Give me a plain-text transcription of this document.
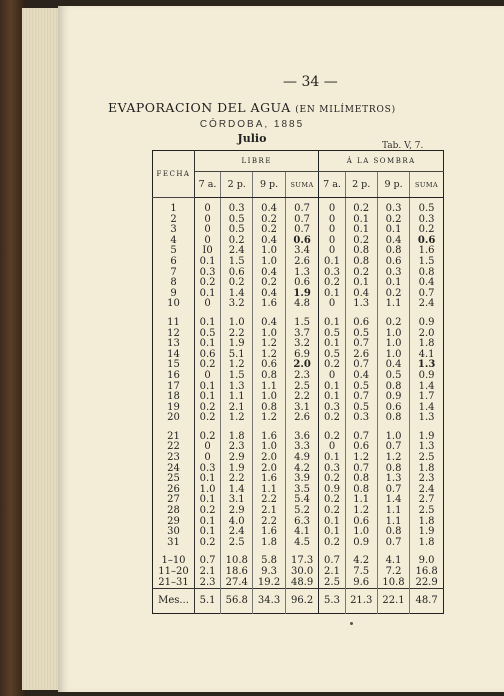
— 34 —
EVAPORACION DEL AGUA (EN MILÍMETROS)
CÓRDOBA, 1885
Julio
Tab. V, 7.
FECHA	LIBRE				Á LA SOMBRA			
	7 a.	2 p.	9 p.	SUMA	7 a.	2 p.	9 p.	SUMA

1	0	0.3	0.4	0.7	0	0.2	0.3	0.5
2	0	0.5	0.2	0.7	0	0.1	0.2	0.3
3	0	0.5	0.2	0.7	0	0.1	0.1	0.2
4	0	0.2	0.4	0.6	0	0.2	0.4	0.6
5	I0	2.4	1.0	3.4	0	0.8	0.8	1.6
6	0.1	1.5	1.0	2.6	0.1	0.8	0.6	1.5
7	0.3	0.6	0.4	1.3	0.3	0.2	0.3	0.8
8	0.2	0.2	0.2	0.6	0.2	0.1	0.1	0.4
9	0.1	1.4	0.4	1.9	0.1	0.4	0.2	0.7
10	0	3.2	1.6	4.8	0	1.3	1.1	2.4

11	0.1	1.0	0.4	1.5	0.1	0.6	0.2	0.9
12	0.5	2.2	1.0	3.7	0.5	0.5	1.0	2.0
13	0.1	1.9	1.2	3.2	0.1	0.7	1.0	1.8
14	0.6	5.1	1.2	6.9	0.5	2.6	1.0	4.1
15	0.2	1.2	0.6	2.0	0.2	0.7	0.4	1.3
16	0	1.5	0.8	2.3	0	0.4	0.5	0.9
17	0.1	1.3	1.1	2.5	0.1	0.5	0.8	1.4
18	0.1	1.1	1.0	2.2	0.1	0.7	0.9	1.7
19	0.2	2.1	0.8	3.1	0.3	0.5	0.6	1.4
20	0.2	1.2	1.2	2.6	0.2	0.3	0.8	1.3

21	0.2	1.8	1.6	3.6	0.2	0.7	1.0	1.9
22	0	2.3	1.0	3.3	0	0.6	0.7	1.3
23	0	2.9	2.0	4.9	0.1	1.2	1.2	2.5
24	0.3	1.9	2.0	4.2	0.3	0.7	0.8	1.8
25	0.1	2.2	1.6	3.9	0.2	0.8	1.3	2.3
26	1.0	1.4	1.1	3.5	0.9	0.8	0.7	2.4
27	0.1	3.1	2.2	5.4	0.2	1.1	1.4	2.7
28	0.2	2.9	2.1	5.2	0.2	1.2	1.1	2.5
29	0.1	4.0	2.2	6.3	0.1	0.6	1.1	1.8
30	0.1	2.4	1.6	4.1	0.1	1.0	0.8	1.9
31	0.2	2.5	1.8	4.5	0.2	0.9	0.7	1.8

1–10	0.7	10.8	5.8	17.3	0.7	4.2	4.1	9.0
11–20	2.1	18.6	9.3	30.0	2.1	7.5	7.2	16.8
21–31	2.3	27.4	19.2	48.9	2.5	9.6	10.8	22.9
Mes...	5.1	56.8	34.3	96.2	5.3	21.3	22.1	48.7
